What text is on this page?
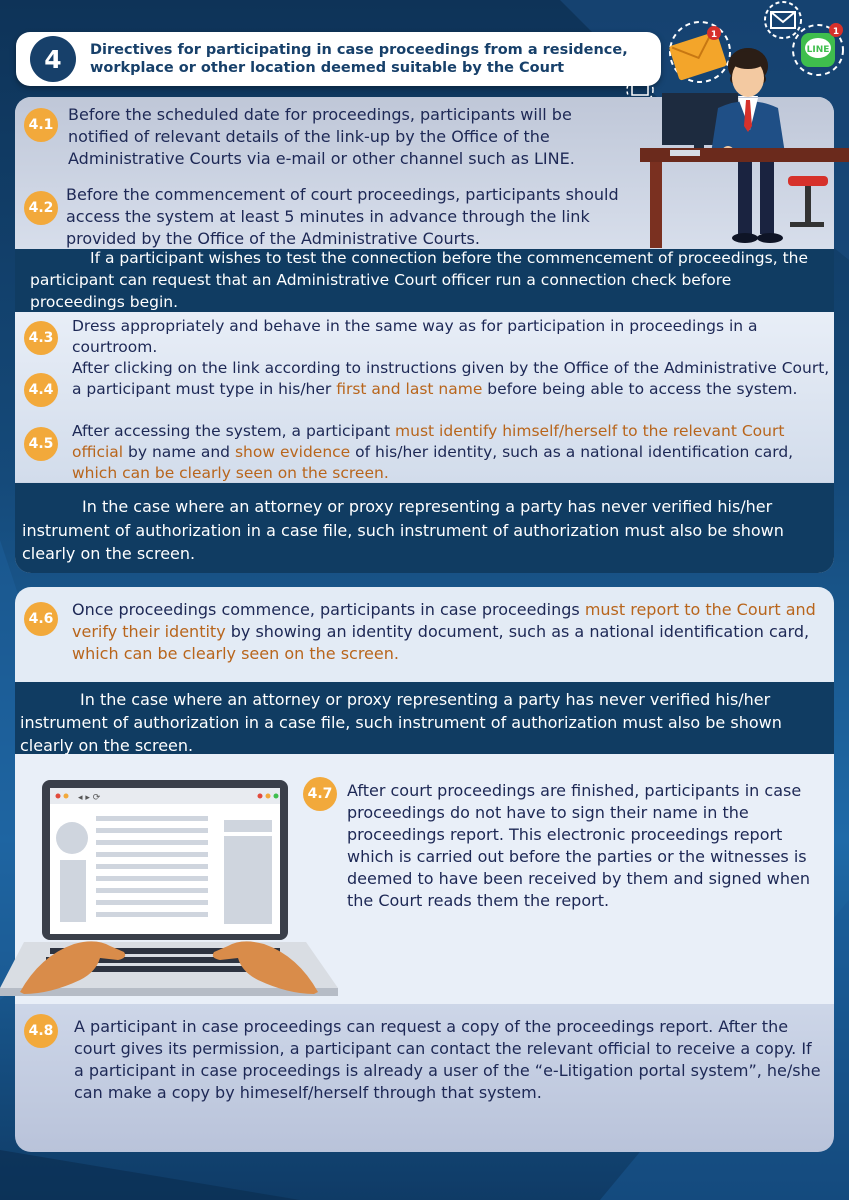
4	Directives for participating in case proceedings from a residence, workplace or other location deemed suitable by the Court
1
LINE
1
4.1
Before the scheduled date for proceedings, participants will be notified of relevant details of the link-up by the Office of the Administrative Courts via e-mail or other channel such as LINE.
4.2
Before the commencement of court proceedings, participants should access the system at least 5 minutes in advance through the link provided by the Office of the Administrative Courts.
If a participant wishes to test the connection before the commencement of proceedings, the participant can request that an Administrative Court officer run a connection check before proceedings begin.
4.3
Dress appropriately and behave in the same way as for participation in proceedings in a courtroom.
4.4
After clicking on the link according to instructions given by the Office of the Administrative Court, a participant must type in his/her first and last name before being able to access the system.
4.5
After accessing the system, a participant must identify himself/herself to the relevant Court official by name and show evidence of his/her identity, such as a national identification card, which can be clearly seen on the screen.
In the case where an attorney or proxy representing a party has never verified his/her instrument of authorization in a case file, such instrument of authorization must also be shown clearly on the screen.
4.6 Once proceedings commence, participants in case proceedings must report to the Court and verify their identity by showing an identity document, such as a national identification card, which can be clearly seen on the screen.
In the case where an attorney or proxy representing a party has never verified his/her instrument of authorization in a case file, such instrument of authorization must also be shown clearly on the screen.
◂ ▸ ⟳	4.7 After court proceedings are finished, participants in case proceedings do not have to sign their name in the proceedings report. This electronic proceedings report which is carried out before the parties or the witnesses is deemed to have been received by them and signed when the Court reads them the report.
4.8 A participant in case proceedings can request a copy of the proceedings report. After the court gives its permission, a participant can contact the relevant official to receive a copy. If a participant in case proceedings is already a user of the “e-Litigation portal system”, he/she can make a copy by himeself/herself through that system.
